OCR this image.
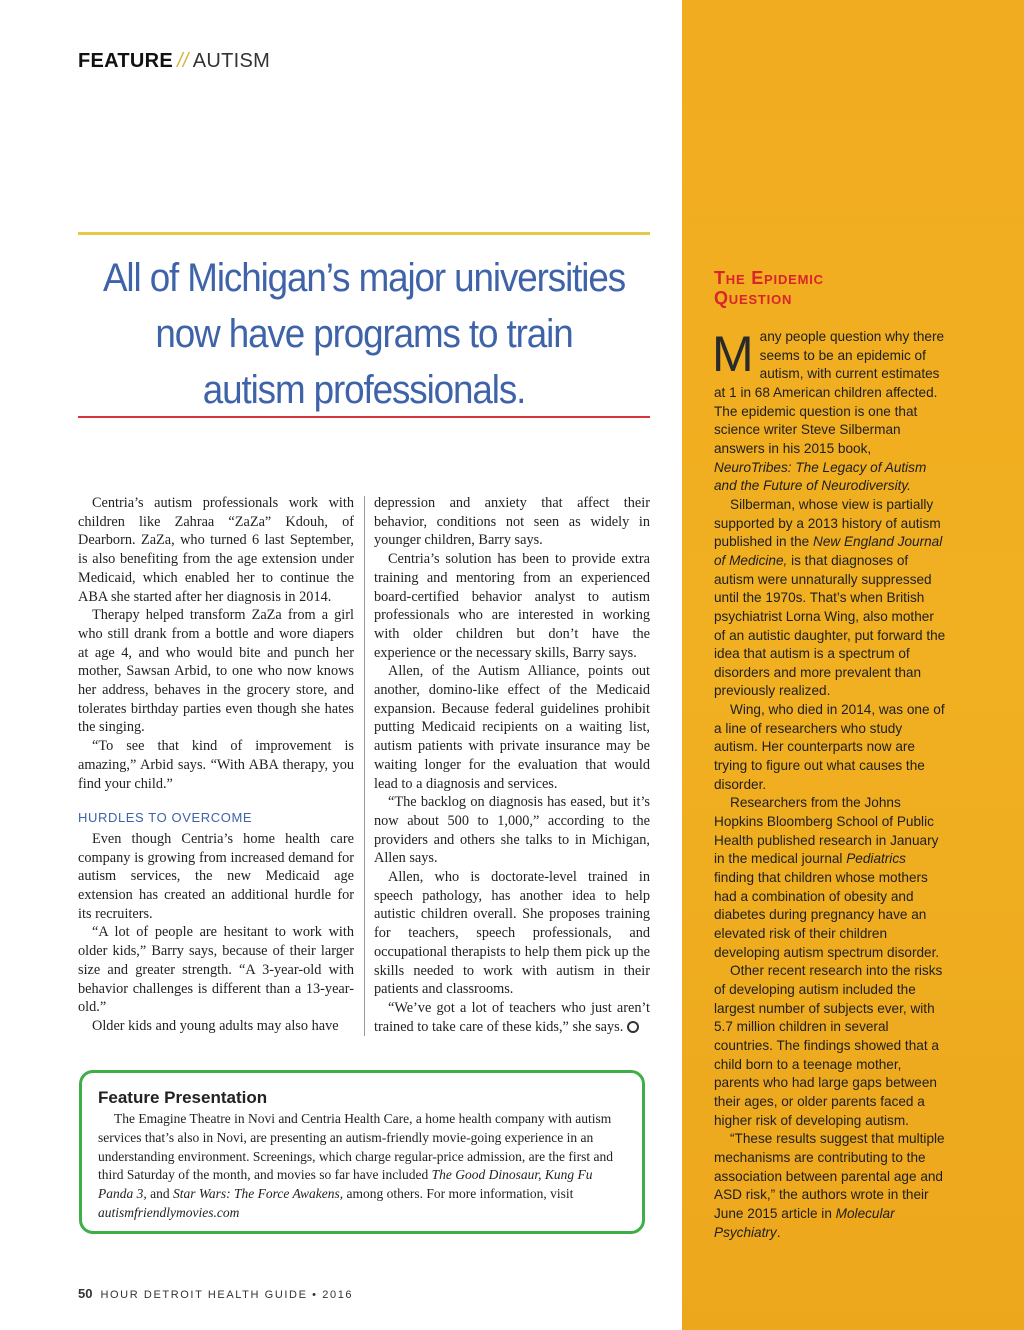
FEATURE // AUTISM
All of Michigan’s major universities
now have programs to train
autism professionals.

Centria’s autism professionals work with children like Zahraa “ZaZa” Kdouh, of Dearborn. ZaZa, who turned 6 last September, is also benefiting from the age extension under Medicaid, which enabled her to continue the ABA she started after her diagnosis in 2014.

Therapy helped transform ZaZa from a girl who still drank from a bottle and wore diapers at age 4, and who would bite and punch her mother, Sawsan Arbid, to one who now knows her address, behaves in the grocery store, and tolerates birthday parties even though she hates the singing.

“To see that kind of improvement is amazing,” Arbid says. “With ABA therapy, you find your child.”

HURDLES TO OVERCOME

Even though Centria’s home health care company is growing from increased demand for autism services, the new Medicaid age extension has created an additional hurdle for its recruiters.

“A lot of people are hesitant to work with older kids,” Barry says, because of their larger size and greater strength. “A 3-year-old with behavior challenges is different than a 13-year-old.”

Older kids and young adults may also have

depression and anxiety that affect their behavior, conditions not seen as widely in younger children, Barry says.

Centria’s solution has been to provide extra training and mentoring from an experienced board-certified behavior analyst to autism professionals who are interested in working with older children but don’t have the experience or the necessary skills, Barry says.

Allen, of the Autism Alliance, points out another, domino-like effect of the Medicaid expansion. Because federal guidelines prohibit putting Medicaid recipients on a waiting list, autism patients with private insurance may be waiting longer for the evaluation that would lead to a diagnosis and services.

“The backlog on diagnosis has eased, but it’s now about 500 to 1,000,” according to the providers and others she talks to in Michigan, Allen says.

Allen, who is doctorate-level trained in speech pathology, has another idea to help autistic children overall. She proposes training for teachers, speech professionals, and occupational therapists to help them pick up the skills needed to work with autism in their patients and classrooms.

“We’ve got a lot of teachers who just aren’t trained to take care of these kids,” she says.

Feature Presentation

The Emagine Theatre in Novi and Centria Health Care, a home health company with autism services that’s also in Novi, are presenting an autism-friendly movie-going experience in an understanding environment. Screenings, which charge regular-price admission, are the first and third Saturday of the month, and movies so far have included The Good Dinosaur, Kung Fu Panda 3, and Star Wars: The Force Awakens, among others. For more information, visit autismfriendlymovies.com

50 HOUR DETROIT HEALTH GUIDE • 2016
The Epidemic
Question

Many people question why there seems to be an epidemic of autism, with current estimates at 1 in 68 American children affected. The epidemic question is one that science writer Steve Silberman answers in his 2015 book, NeuroTribes: The Legacy of Autism and the Future of Neurodiversity.

Silberman, whose view is partially supported by a 2013 history of autism published in the New England Journal of Medicine, is that diagnoses of autism were unnaturally suppressed until the 1970s. That’s when British psychiatrist Lorna Wing, also mother of an autistic daughter, put forward the idea that autism is a spectrum of disorders and more prevalent than previously realized.

Wing, who died in 2014, was one of a line of researchers who study autism. Her counterparts now are trying to figure out what causes the disorder.

Researchers from the Johns Hopkins Bloomberg School of Public Health published research in January in the medical journal Pediatrics finding that children whose mothers had a combination of obesity and diabetes during pregnancy have an elevated risk of their children developing autism spectrum disorder.

Other recent research into the risks of developing autism included the largest number of subjects ever, with 5.7 million children in several countries. The findings showed that a child born to a teenage mother, parents who had large gaps between their ages, or older parents faced a higher risk of developing autism.

“These results suggest that multiple mechanisms are contributing to the association between parental age and ASD risk,” the authors wrote in their June 2015 article in Molecular Psychiatry.
